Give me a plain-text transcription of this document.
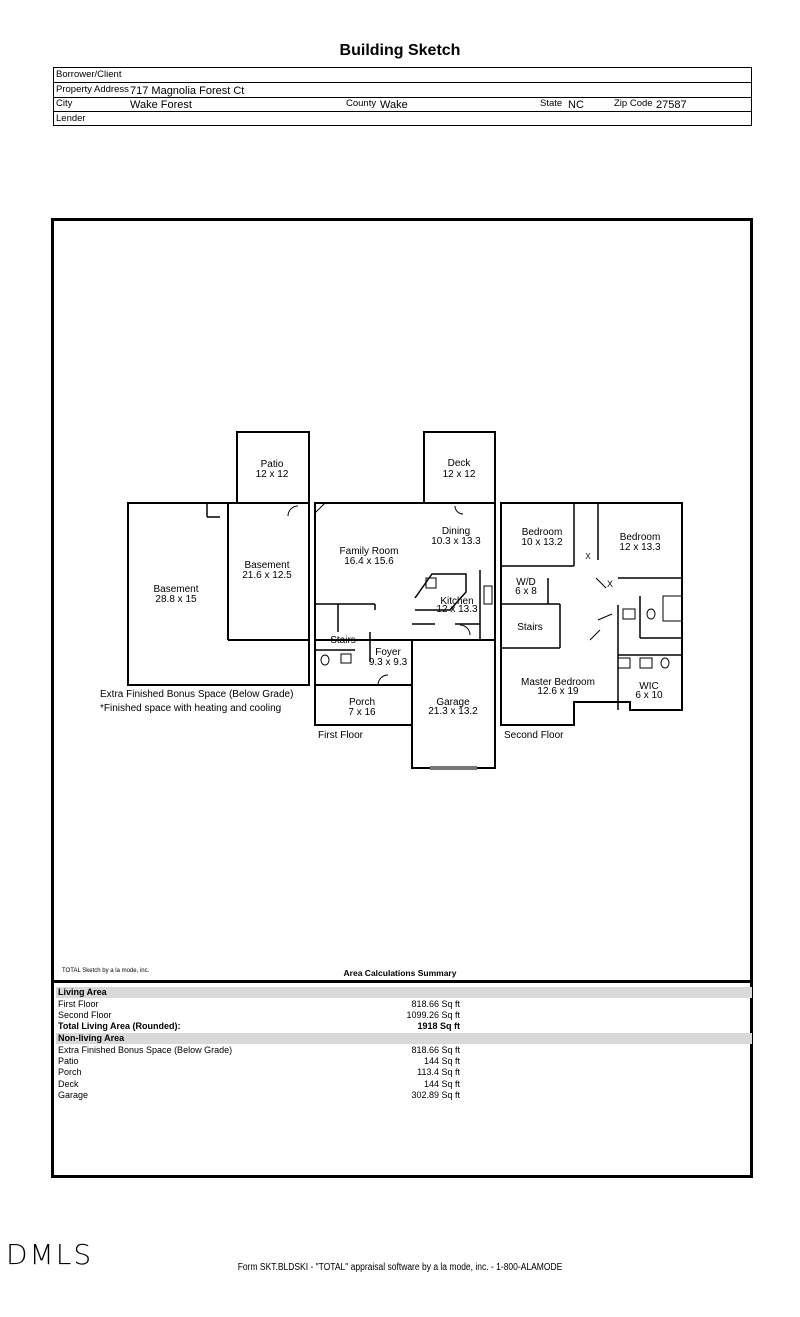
Building Sketch
Borrower/Client
Property Address 717 Magnolia Forest Ct
City	Wake Forest	County Wake	State NC	Zip Code 27587
Lender
Patio
12 x 12
Deck
12 x 12
Basement
28.8 x 15
Basement
21.6 x 12.5
Family Room
16.4 x 15.6
Dining
10.3 x 13.3
Kitchen
12 x 13.3
Stairs
Foyer
9.3 x 9.3
Porch
7 x 16
Garage
21.3 x 13.2
Bedroom
10 x 13.2	Bedroom
12 x 13.3
W/D
6 x 8
Stairs
Master Bedroom
12.6 x 19	WIC
6 x 10
X
X
First Floor	Second Floor
Extra Finished Bonus Space (Below Grade)
*Finished space with heating and cooling
TOTAL Sketch by a la mode, inc.	Area Calculations Summary
Living Area
First Floor	818.66 Sq ft
Second Floor	1099.26 Sq ft
Total Living Area (Rounded):	1918 Sq ft
Non-living Area
Extra Finished Bonus Space (Below Grade)	818.66 Sq ft
Patio	144 Sq ft
Porch	113.4 Sq ft
Deck	144 Sq ft
Garage	302.89 Sq ft
DMLS	Form SKT.BLDSKI - "TOTAL" appraisal software by a la mode, inc. - 1-800-ALAMODE
